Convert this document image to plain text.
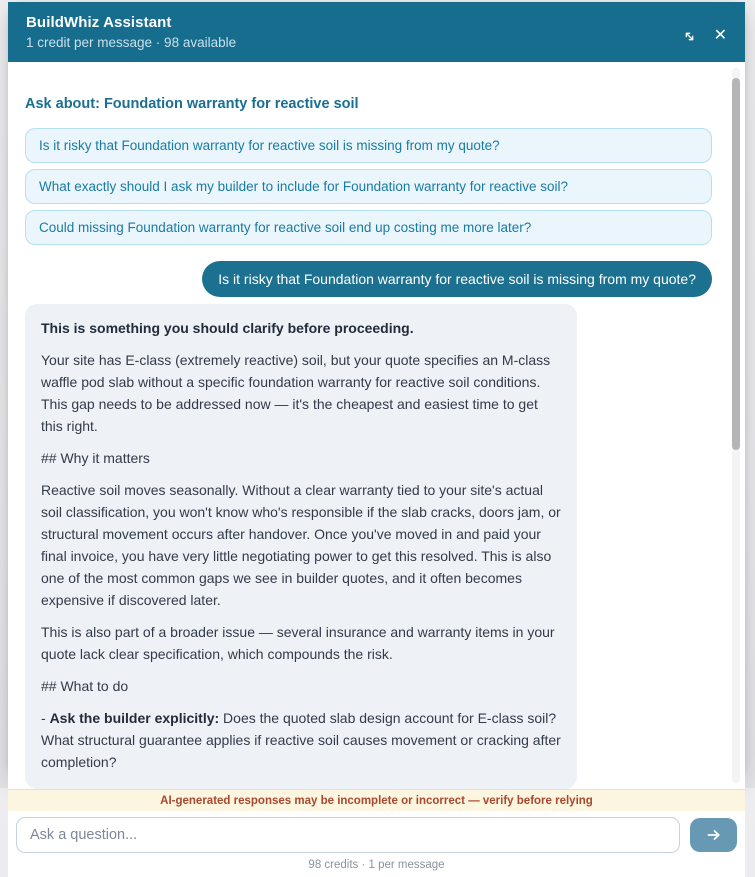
BuildWhiz Assistant
1 credit per message · 98 available	✕
Ask about: Foundation warranty for reactive soil
Is it risky that Foundation warranty for reactive soil is missing from my quote?
What exactly should I ask my builder to include for Foundation warranty for reactive soil?
Could missing Foundation warranty for reactive soil end up costing me more later?
Is it risky that Foundation warranty for reactive soil is missing from my quote?

This is something you should clarify before proceeding.

Your site has E-class (extremely reactive) soil, but your quote specifies an M-class waffle pod slab without a specific foundation warranty for reactive soil conditions. This gap needs to be addressed now — it's the cheapest and easiest time to get this right.

## Why it matters

Reactive soil moves seasonally. Without a clear warranty tied to your site's actual soil classification, you won't know who's responsible if the slab cracks, doors jam, or structural movement occurs after handover. Once you've moved in and paid your final invoice, you have very little negotiating power to get this resolved. This is also one of the most common gaps we see in builder quotes, and it often becomes expensive if discovered later.

This is also part of a broader issue — several insurance and warranty items in your quote lack clear specification, which compounds the risk.

## What to do

- Ask the builder explicitly: Does the quoted slab design account for E-class soil? What structural guarantee applies if reactive soil causes movement or cracking after completion?

AI-generated responses may be incomplete or incorrect — verify before relying
Ask a question...
98 credits · 1 per message
